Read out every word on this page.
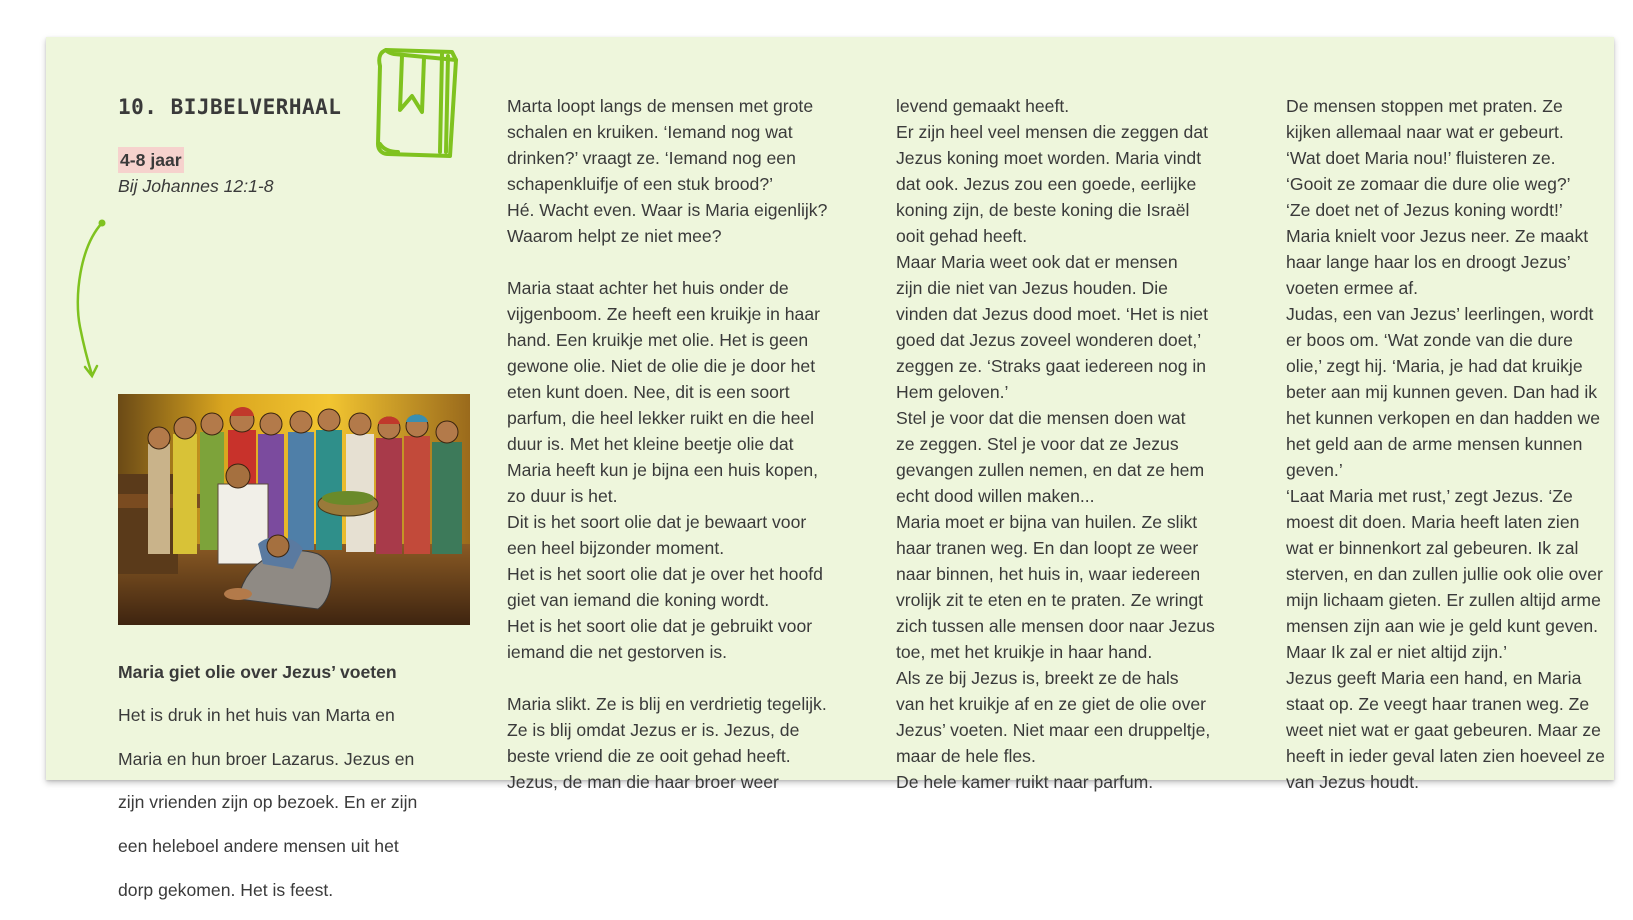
10. BIJBELVERHAAL
4-8 jaar
Bij Johannes 12:1-8

Maria giet olie over Jezus’ voeten

Het is druk in het huis van Marta en

Maria en hun broer Lazarus. Jezus en

zijn vrienden zijn op bezoek. En er zijn

een heleboel andere mensen uit het

dorp gekomen. Het is feest.

Marta loopt langs de mensen met grote

schalen en kruiken. ‘Iemand nog wat

drinken?’ vraagt ze. ‘Iemand nog een

schapenkluifje of een stuk brood?’

Hé. Wacht even. Waar is Maria eigenlijk?

Waarom helpt ze niet mee?

Maria staat achter het huis onder de

vijgenboom. Ze heeft een kruikje in haar

hand. Een kruikje met olie. Het is geen

gewone olie. Niet de olie die je door het

eten kunt doen. Nee, dit is een soort

parfum, die heel lekker ruikt en die heel

duur is. Met het kleine beetje olie dat

Maria heeft kun je bijna een huis kopen,

zo duur is het.

Dit is het soort olie dat je bewaart voor

een heel bijzonder moment.

Het is het soort olie dat je over het hoofd

giet van iemand die koning wordt.

Het is het soort olie dat je gebruikt voor

iemand die net gestorven is.

Maria slikt. Ze is blij en verdrietig tegelijk.

Ze is blij omdat Jezus er is. Jezus, de

beste vriend die ze ooit gehad heeft.

Jezus, de man die haar broer weer

levend gemaakt heeft.

Er zijn heel veel mensen die zeggen dat

Jezus koning moet worden. Maria vindt

dat ook. Jezus zou een goede, eerlijke

koning zijn, de beste koning die Israël

ooit gehad heeft.

Maar Maria weet ook dat er mensen

zijn die niet van Jezus houden. Die

vinden dat Jezus dood moet. ‘Het is niet

goed dat Jezus zoveel wonderen doet,’

zeggen ze. ‘Straks gaat iedereen nog in

Hem geloven.’

Stel je voor dat die mensen doen wat

ze zeggen. Stel je voor dat ze Jezus

gevangen zullen nemen, en dat ze hem

echt dood willen maken...

Maria moet er bijna van huilen. Ze slikt

haar tranen weg. En dan loopt ze weer

naar binnen, het huis in, waar iedereen

vrolijk zit te eten en te praten. Ze wringt

zich tussen alle mensen door naar Jezus

toe, met het kruikje in haar hand.

Als ze bij Jezus is, breekt ze de hals

van het kruikje af en ze giet de olie over

Jezus’ voeten. Niet maar een druppeltje,

maar de hele fles.

De hele kamer ruikt naar parfum.

De mensen stoppen met praten. Ze

kijken allemaal naar wat er gebeurt.

‘Wat doet Maria nou!’ fluisteren ze.

‘Gooit ze zomaar die dure olie weg?’

‘Ze doet net of Jezus koning wordt!’

Maria knielt voor Jezus neer. Ze maakt

haar lange haar los en droogt Jezus’

voeten ermee af.

Judas, een van Jezus’ leerlingen, wordt

er boos om. ‘Wat zonde van die dure

olie,’ zegt hij. ‘Maria, je had dat kruikje

beter aan mij kunnen geven. Dan had ik

het kunnen verkopen en dan hadden we

het geld aan de arme mensen kunnen

geven.’

‘Laat Maria met rust,’ zegt Jezus. ‘Ze

moest dit doen. Maria heeft laten zien

wat er binnenkort zal gebeuren. Ik zal

sterven, en dan zullen jullie ook olie over

mijn lichaam gieten. Er zullen altijd arme

mensen zijn aan wie je geld kunt geven.

Maar Ik zal er niet altijd zijn.’

Jezus geeft Maria een hand, en Maria

staat op. Ze veegt haar tranen weg. Ze

weet niet wat er gaat gebeuren. Maar ze

heeft in ieder geval laten zien hoeveel ze

van Jezus houdt.
